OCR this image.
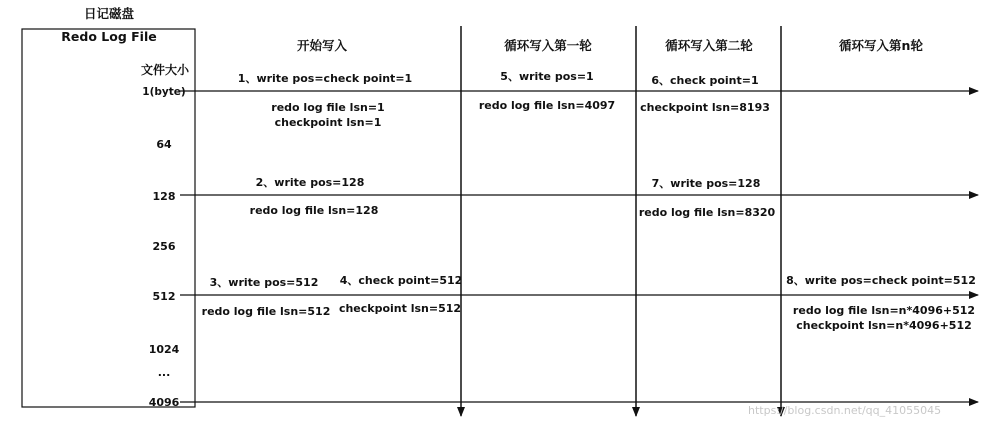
日记磁盘
Redo Log File
文件大小
1(byte)
64
128
256
512
1024
...
4096
开始写入	循环写入第一轮	循环写入第二轮	循环写入第n轮
1、write pos=check point=1
redo log file lsn=1
checkpoint lsn=1
2、write pos=128
redo log file lsn=128
3、write pos=512
redo log file lsn=512
4、check point=512
checkpoint lsn=512
5、write pos=1
redo log file lsn=4097
6、check point=1
checkpoint lsn=8193
7、write pos=128
redo log file lsn=8320
8、write pos=check point=512
redo log file lsn=n*4096+512
checkpoint lsn=n*4096+512
https://blog.csdn.net/qq_41055045
